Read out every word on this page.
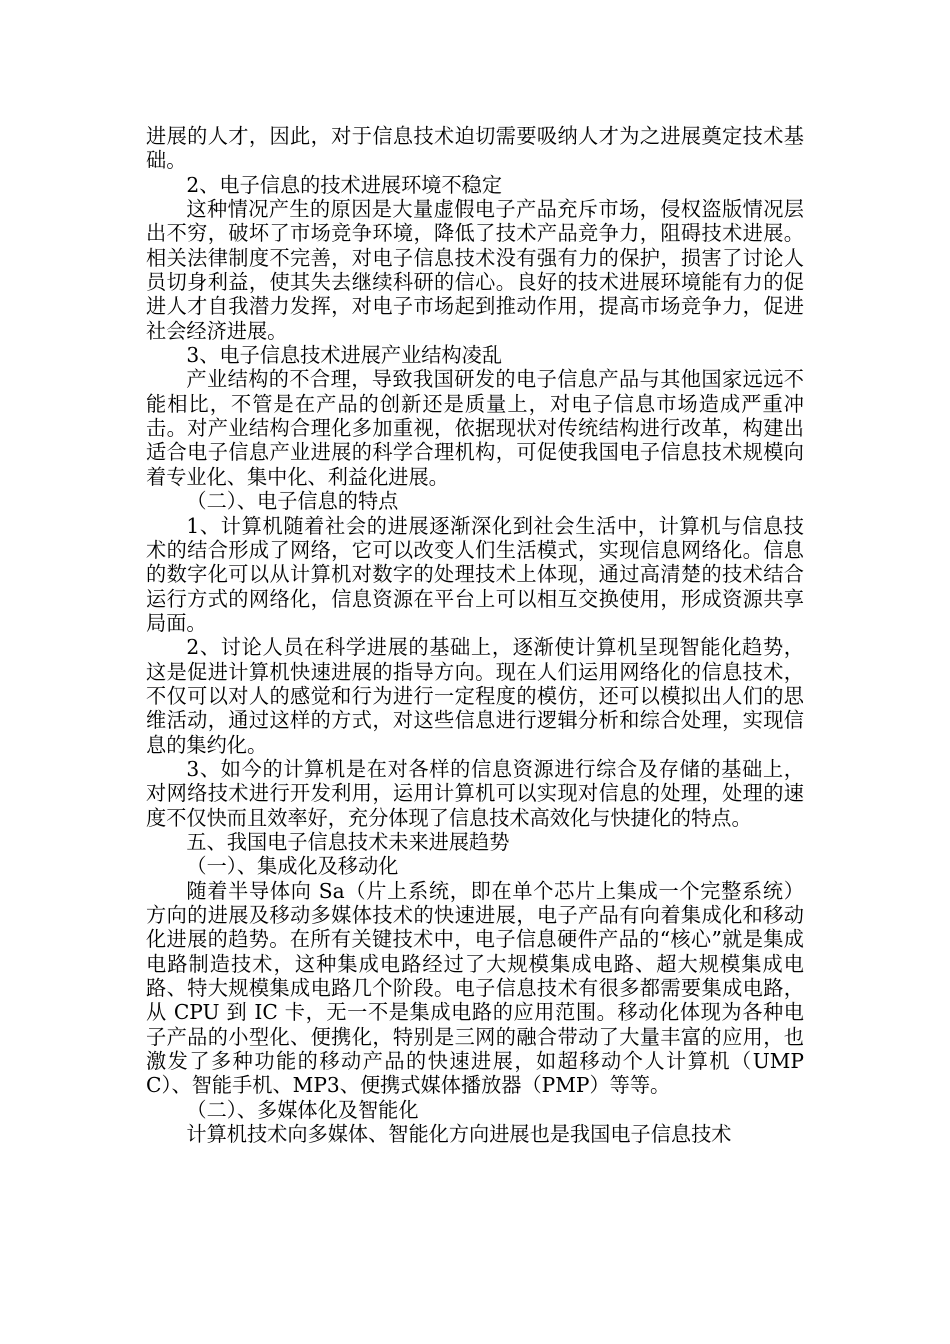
进展的人才，因此，对于信息技术迫切需要吸纳人才为之进展奠定技术基础。

2、电子信息的技术进展环境不稳定

这种情况产生的原因是大量虚假电子产品充斥市场，侵权盗版情况层出不穷，破坏了市场竞争环境，降低了技术产品竞争力，阻碍技术进展。相关法律制度不完善，对电子信息技术没有强有力的保护，损害了讨论人员切身利益，使其失去继续科研的信心。良好的技术进展环境能有力的促进人才自我潜力发挥，对电子市场起到推动作用，提高市场竞争力，促进社会经济进展。

3、电子信息技术进展产业结构凌乱

产业结构的不合理，导致我国研发的电子信息产品与其他国家远远不能相比，不管是在产品的创新还是质量上，对电子信息市场造成严重冲击。对产业结构合理化多加重视，依据现状对传统结构进行改革，构建出适合电子信息产业进展的科学合理机构，可促使我国电子信息技术规模向着专业化、集中化、利益化进展。

（二）、电子信息的特点

1、计算机随着社会的进展逐渐深化到社会生活中，计算机与信息技术的结合形成了网络，它可以改变人们生活模式，实现信息网络化。信息的数字化可以从计算机对数字的处理技术上体现，通过高清楚的技术结合运行方式的网络化，信息资源在平台上可以相互交换使用，形成资源共享局面。

2、讨论人员在科学进展的基础上，逐渐使计算机呈现智能化趋势，这是促进计算机快速进展的指导方向。现在人们运用网络化的信息技术，不仅可以对人的感觉和行为进行一定程度的模仿，还可以模拟出人们的思维活动，通过这样的方式，对这些信息进行逻辑分析和综合处理，实现信息的集约化。

3、如今的计算机是在对各样的信息资源进行综合及存储的基础上，对网络技术进行开发利用，运用计算机可以实现对信息的处理，处理的速度不仅快而且效率好，充分体现了信息技术高效化与快捷化的特点。

五、我国电子信息技术未来进展趋势

（一）、集成化及移动化

随着半导体向 Sa（片上系统，即在单个芯片上集成一个完整系统）方向的进展及移动多媒体技术的快速进展，电子产品有向着集成化和移动化进展的趋势。在所有关键技术中，电子信息硬件产品的“核心”就是集成电路制造技术，这种集成电路经过了大规模集成电路、超大规模集成电路、特大规模集成电路几个阶段。电子信息技术有很多都需要集成电路，从 CPU 到 IC 卡，无一不是集成电路的应用范围。移动化体现为各种电子产品的小型化、便携化，特别是三网的融合带动了大量丰富的应用，也激发了多种功能的移动产品的快速进展，如超移动个人计算机（UMPC）、智能手机、MP3、便携式媒体播放器（PMP）等等。

（二）、多媒体化及智能化

计算机技术向多媒体、智能化方向进展也是我国电子信息技术
